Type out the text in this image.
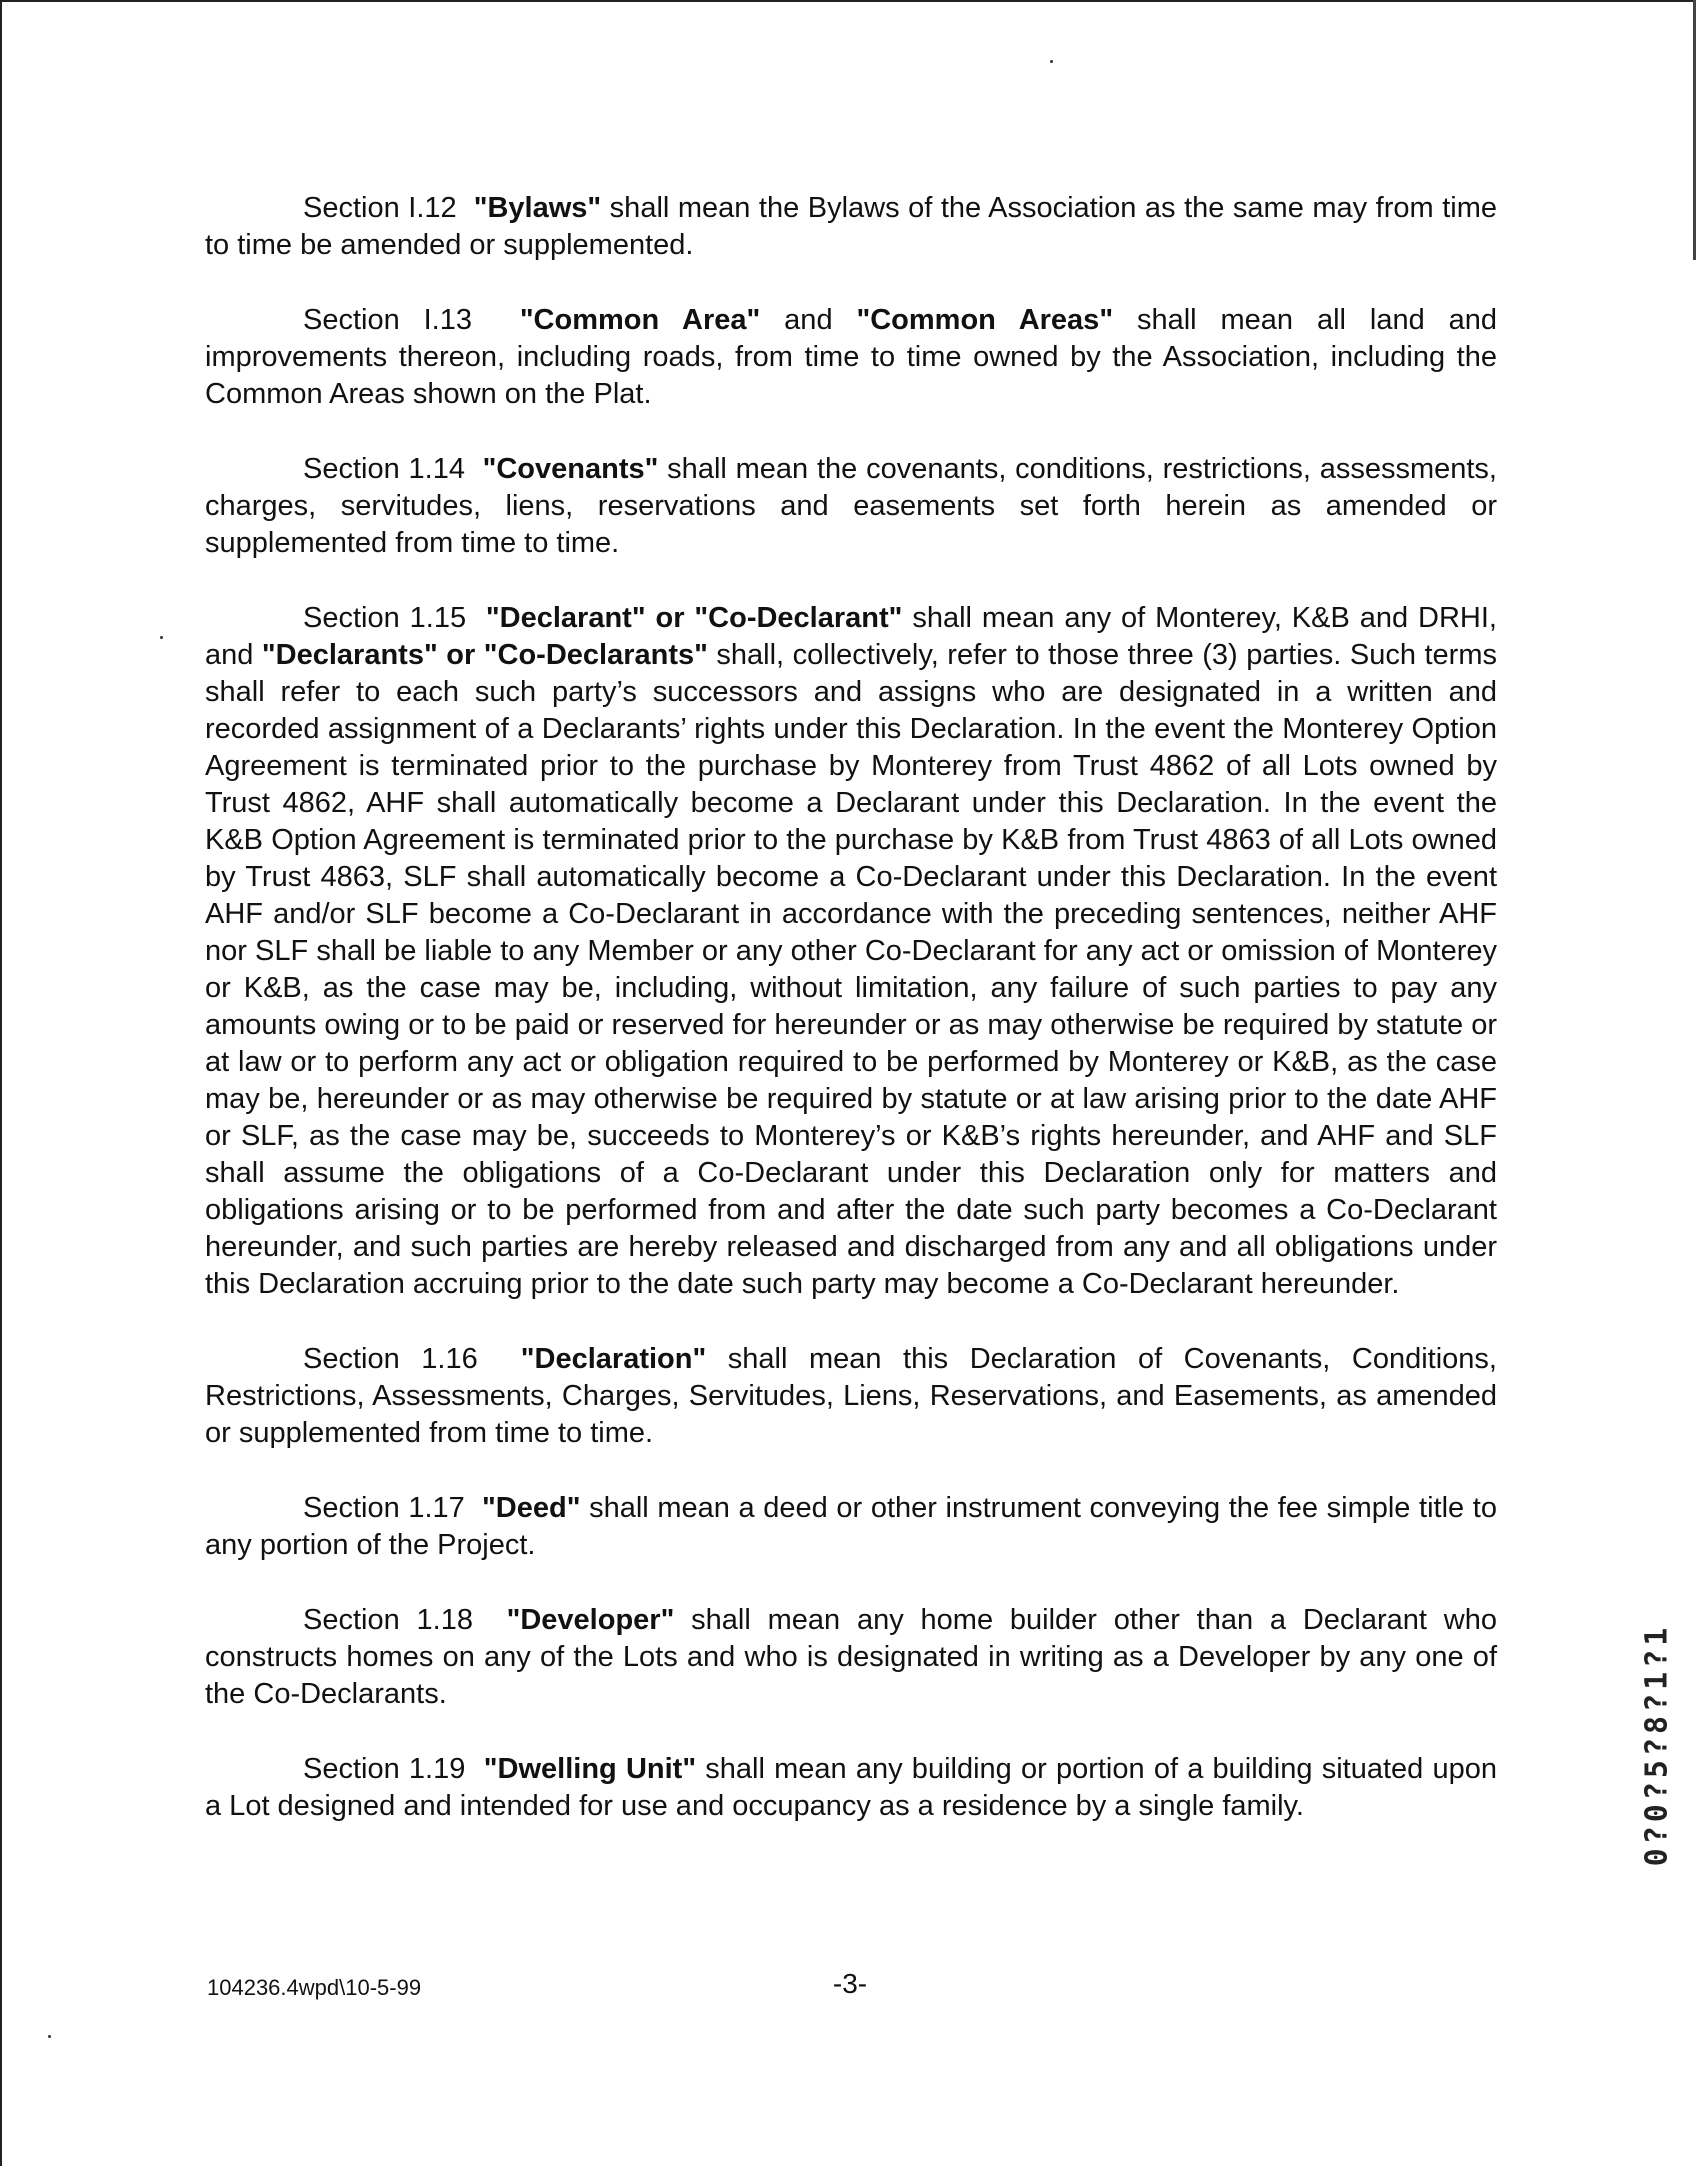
Section I.12 "Bylaws" shall mean the Bylaws of the Association as the same may from time to time be amended or supplemented.

Section I.13 "Common Area" and "Common Areas" shall mean all land and improvements thereon, including roads, from time to time owned by the Association, including the Common Areas shown on the Plat.

Section 1.14 "Covenants" shall mean the covenants, conditions, restrictions, assessments, charges, servitudes, liens, reservations and easements set forth herein as amended or supplemented from time to time.

Section 1.15 "Declarant" or "Co-Declarant" shall mean any of Monterey, K&B and DRHI, and "Declarants" or "Co-Declarants" shall, collectively, refer to those three (3) parties. Such terms shall refer to each such party’s successors and assigns who are designated in a written and recorded assignment of a Declarants’ rights under this Declaration. In the event the Monterey Option Agreement is terminated prior to the purchase by Monterey from Trust 4862 of all Lots owned by Trust 4862, AHF shall automatically become a Declarant under this Declaration. In the event the K&B Option Agreement is terminated prior to the purchase by K&B from Trust 4863 of all Lots owned by Trust 4863, SLF shall automatically become a Co-Declarant under this Declaration. In the event AHF and/or SLF become a Co-Declarant in accordance with the preceding sentences, neither AHF nor SLF shall be liable to any Member or any other Co-Declarant for any act or omission of Monterey or K&B, as the case may be, including, without limitation, any failure of such parties to pay any amounts owing or to be paid or reserved for hereunder or as may otherwise be required by statute or at law or to perform any act or obligation required to be performed by Monterey or K&B, as the case may be, hereunder or as may otherwise be required by statute or at law arising prior to the date AHF or SLF, as the case may be, succeeds to Monterey’s or K&B’s rights hereunder, and AHF and SLF shall assume the obligations of a Co-Declarant under this Declaration only for matters and obligations arising or to be performed from and after the date such party becomes a Co-Declarant hereunder, and such parties are hereby released and discharged from any and all obligations under this Declaration accruing prior to the date such party may become a Co-Declarant hereunder.

Section 1.16 "Declaration" shall mean this Declaration of Covenants, Conditions, Restrictions, Assessments, Charges, Servitudes, Liens, Reservations, and Easements, as amended or supplemented from time to time.

Section 1.17 "Deed" shall mean a deed or other instrument conveying the fee simple title to any portion of the Project.

Section 1.18 "Developer" shall mean any home builder other than a Declarant who constructs homes on any of the Lots and who is designated in writing as a Developer by any one of the Co-Declarants.

Section 1.19 "Dwelling Unit" shall mean any building or portion of a building situated upon a Lot designed and intended for use and occupancy as a residence by a single family.

104236.4wpd\10-5-99	-3-
0?0?5?8?1?1
